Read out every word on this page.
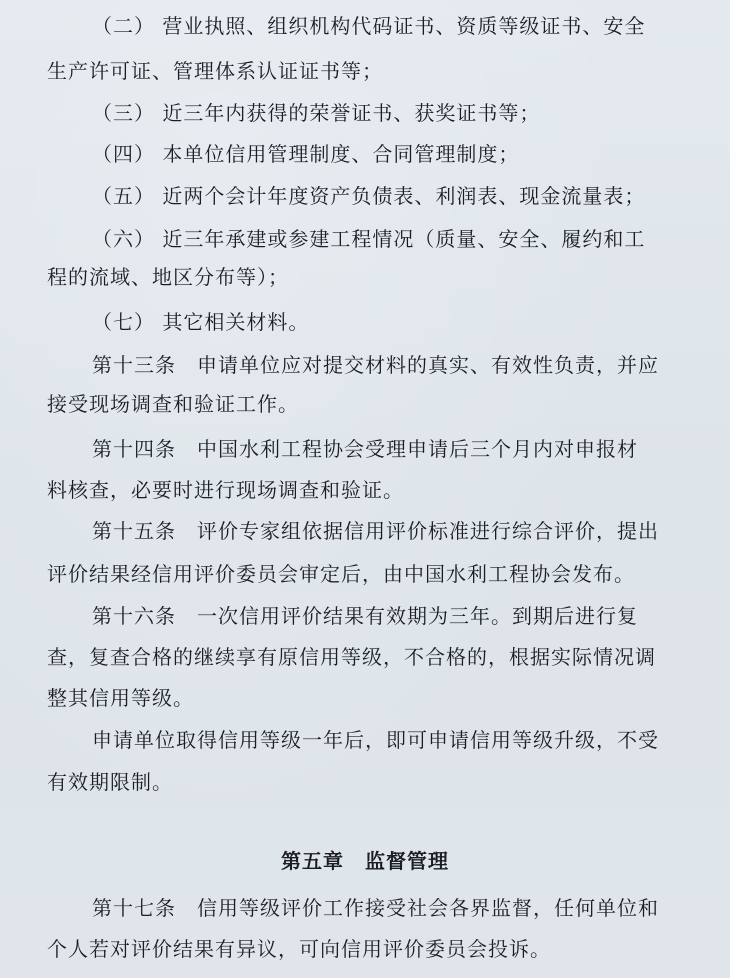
（二） 营业执照、组织机构代码证书、资质等级证书、安全
生产许可证、管理体系认证证书等；
（三） 近三年内获得的荣誉证书、获奖证书等；
（四） 本单位信用管理制度、合同管理制度；
（五） 近两个会计年度资产负债表、利润表、现金流量表；
（六） 近三年承建或参建工程情况（质量、安全、履约和工
程的流域、地区分布等）；
（七） 其它相关材料。
第十三条　申请单位应对提交材料的真实、有效性负责，并应
接受现场调查和验证工作。
第十四条　中国水利工程协会受理申请后三个月内对申报材
料核查，必要时进行现场调查和验证。
第十五条　评价专家组依据信用评价标准进行综合评价，提出
评价结果经信用评价委员会审定后，由中国水利工程协会发布。
第十六条　一次信用评价结果有效期为三年。到期后进行复
查，复查合格的继续享有原信用等级，不合格的，根据实际情况调
整其信用等级。
申请单位取得信用等级一年后，即可申请信用等级升级，不受
有效期限制。
第五章　监督管理
第十七条　信用等级评价工作接受社会各界监督，任何单位和
个人若对评价结果有异议，可向信用评价委员会投诉。
